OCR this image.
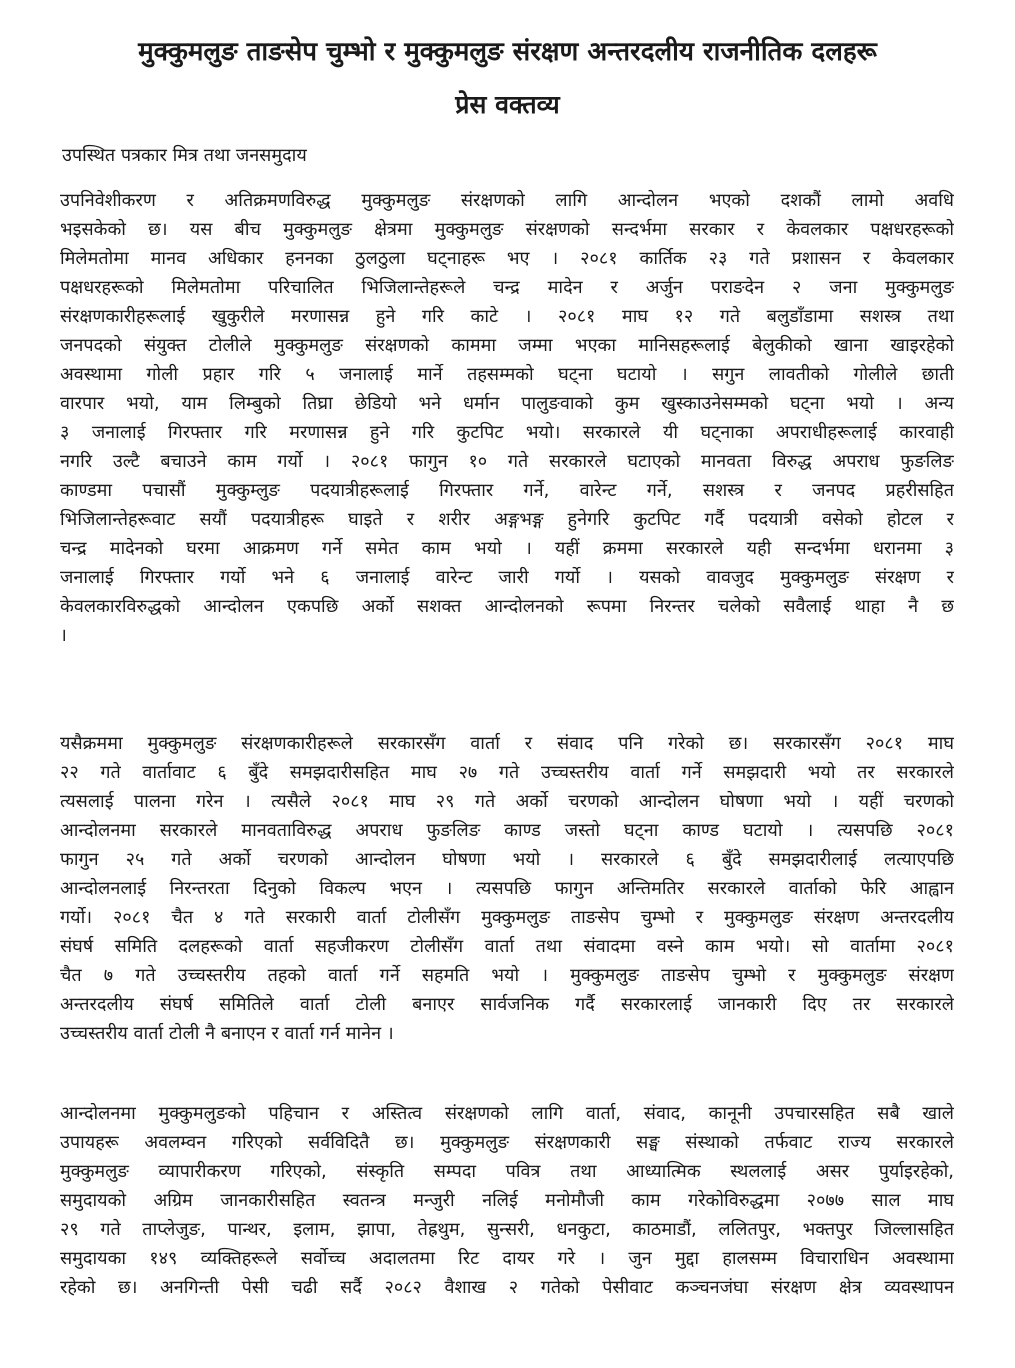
मुक्कुमलुङ ताङसेप चुम्भो र मुक्कुमलुङ संरक्षण अन्तरदलीय राजनीतिक दलहरू
प्रेस वक्तव्य
उपस्थित पत्रकार मित्र तथा जनसमुदाय
उपनिवेशीकरण र अतिक्रमणविरुद्ध मुक्कुमलुङ संरक्षणको लागि आन्दोलन भएको दशकौं लामो अवधि
भइसकेको छ। यस बीच मुक्कुमलुङ क्षेत्रमा मुक्कुमलुङ संरक्षणको सन्दर्भमा सरकार र केवलकार पक्षधरहरूको
मिलेमतोमा मानव अधिकार हननका ठुलठुला घट्नाहरू भए । २०८१ कार्तिक २३ गते प्रशासन र केवलकार
पक्षधरहरूको मिलेमतोमा परिचालित भिजिलान्तेहरूले चन्द्र मादेन र अर्जुन पराङदेन २ जना मुक्कुमलुङ
संरक्षणकारीहरूलाई खुकुरीले मरणासन्न हुने गरि काटे । २०८१ माघ १२ गते बलुडाँडामा सशस्त्र तथा
जनपदको संयुक्त टोलीले मुक्कुमलुङ संरक्षणको काममा जम्मा भएका मानिसहरूलाई बेलुकीको खाना खाइरहेको
अवस्थामा गोली प्रहार गरि ५ जनालाई मार्ने तहसम्मको घट्ना घटायो । सगुन लावतीको गोलीले छाती
वारपार भयो, याम लिम्बुको तिघ्रा छेडियो भने धर्मान पालुङवाको कुम खुस्काउनेसम्मको घट्ना भयो । अन्य
३ जनालाई गिरफ्तार गरि मरणासन्न हुने गरि कुटपिट भयो। सरकारले यी घट्नाका अपराधीहरूलाई कारवाही
नगरि उल्टै बचाउने काम गर्यो । २०८१ फागुन १० गते सरकारले घटाएको मानवता विरुद्ध अपराध फुङलिङ
काण्डमा पचासौं मुक्कुम्लुङ पदयात्रीहरूलाई गिरफ्तार गर्ने, वारेन्ट गर्ने, सशस्त्र र जनपद प्रहरीसहित
भिजिलान्तेहरूवाट सयौं पदयात्रीहरू घाइते र शरीर अङ्गभङ्ग हुनेगरि कुटपिट गर्दै पदयात्री वसेको होटल र
चन्द्र मादेनको घरमा आक्रमण गर्ने समेत काम भयो । यहीं क्रममा सरकारले यही सन्दर्भमा धरानमा ३
जनालाई गिरफ्तार गर्यो भने ६ जनालाई वारेन्ट जारी गर्यो । यसको वावजुद मुक्कुमलुङ संरक्षण र
केवलकारविरुद्धको आन्दोलन एकपछि अर्को सशक्त आन्दोलनको रूपमा निरन्तर चलेको सवैलाई थाहा नै छ
।
यसैक्रममा मुक्कुमलुङ संरक्षणकारीहरूले सरकारसँग वार्ता र संवाद पनि गरेको छ। सरकारसँग २०८१ माघ
२२ गते वार्तावाट ६ बुँदे समझदारीसहित माघ २७ गते उच्चस्तरीय वार्ता गर्ने समझदारी भयो तर सरकारले
त्यसलाई पालना गरेन । त्यसैले २०८१ माघ २९ गते अर्को चरणको आन्दोलन घोषणा भयो । यहीं चरणको
आन्दोलनमा सरकारले मानवताविरुद्ध अपराध फुङलिङ काण्ड जस्तो घट्ना काण्ड घटायो । त्यसपछि २०८१
फागुन २५ गते अर्को चरणको आन्दोलन घोषणा भयो । सरकारले ६ बुँदे समझदारीलाई लत्याएपछि
आन्दोलनलाई निरन्तरता दिनुको विकल्प भएन । त्यसपछि फागुन अन्तिमतिर सरकारले वार्ताको फेरि आह्वान
गर्यो। २०८१ चैत ४ गते सरकारी वार्ता टोलीसँग मुक्कुमलुङ ताङसेप चुम्भो र मुक्कुमलुङ संरक्षण अन्तरदलीय
संघर्ष समिति दलहरूको वार्ता सहजीकरण टोलीसँग वार्ता तथा संवादमा वस्ने काम भयो। सो वार्तामा २०८१
चैत ७ गते उच्चस्तरीय तहको वार्ता गर्ने सहमति भयो । मुक्कुमलुङ ताङसेप चुम्भो र मुक्कुमलुङ संरक्षण
अन्तरदलीय संघर्ष समितिले वार्ता टोली बनाएर सार्वजनिक गर्दै सरकारलाई जानकारी दिए तर सरकारले
उच्चस्तरीय वार्ता टोली नै बनाएन र वार्ता गर्न मानेन ।
आन्दोलनमा मुक्कुमलुङको पहिचान र अस्तित्व संरक्षणको लागि वार्ता, संवाद, कानूनी उपचारसहित सबै खाले
उपायहरू अवलम्वन गरिएको सर्वविदितै छ। मुक्कुमलुङ संरक्षणकारी सङ्घ संस्थाको तर्फवाट राज्य सरकारले
मुक्कुमलुङ व्यापारीकरण गरिएको, संस्कृति सम्पदा पवित्र तथा आध्यात्मिक स्थललाई असर पुर्याइरहेको,
समुदायको अग्रिम जानकारीसहित स्वतन्त्र मन्जुरी नलिई मनोमौजी काम गरेकोविरुद्धमा २०७७ साल माघ
२९ गते ताप्लेजुङ, पान्थर, इलाम, झापा, तेह्रथुम, सुन्सरी, धनकुटा, काठमाडौं, ललितपुर, भक्तपुर जिल्लासहित
समुदायका १४९ व्यक्तिहरूले सर्वोच्च अदालतमा रिट दायर गरे । जुन मुद्दा हालसम्म विचाराधिन अवस्थामा
रहेको छ। अनगिन्ती पेसी चढी सर्दै २०८२ वैशाख २ गतेको पेसीवाट कञ्चनजंघा संरक्षण क्षेत्र व्यवस्थापन
